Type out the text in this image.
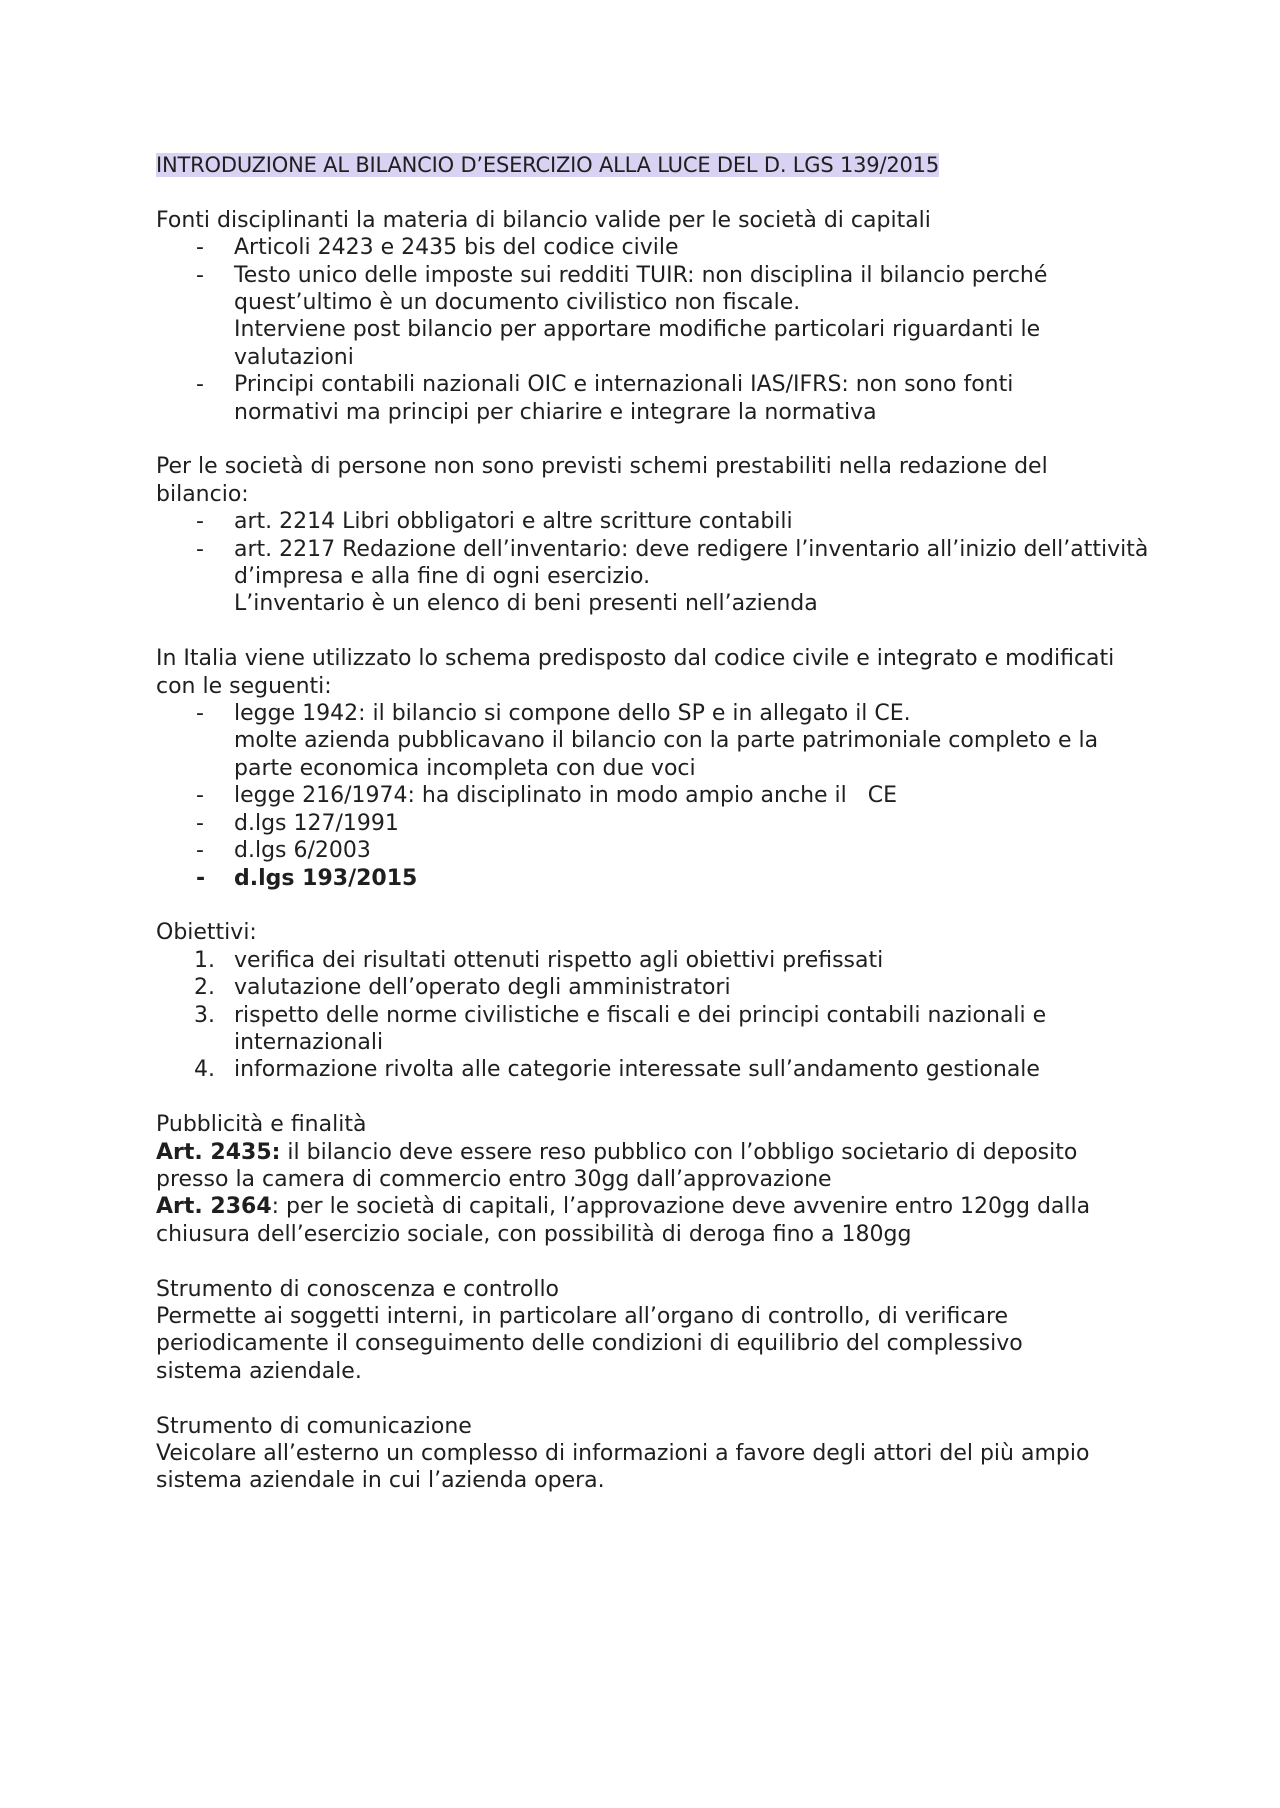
INTRODUZIONE AL BILANCIO D’ESERCIZIO ALLA LUCE DEL D. LGS 139/2015

Fonti disciplinanti la materia di bilancio valide per le società di capitali

- Articoli 2423 e 2435 bis del codice civile
- Testo unico delle imposte sui redditi TUIR: non disciplina il bilancio perché
quest’ultimo è un documento civilistico non fiscale.
Interviene post bilancio per apportare modifiche particolari riguardanti le
valutazioni
- Principi contabili nazionali OIC e internazionali IAS/IFRS: non sono fonti
normativi ma principi per chiarire e integrare la normativa

Per le società di persone non sono previsti schemi prestabiliti nella redazione del

bilancio:

- art. 2214 Libri obbligatori e altre scritture contabili
- art. 2217 Redazione dell’inventario: deve redigere l’inventario all’inizio dell’attività
d’impresa e alla fine di ogni esercizio.
L’inventario è un elenco di beni presenti nell’azienda

In Italia viene utilizzato lo schema predisposto dal codice civile e integrato e modificati

con le seguenti:

- legge 1942: il bilancio si compone dello SP e in allegato il CE.
molte azienda pubblicavano il bilancio con la parte patrimoniale completo e la
parte economica incompleta con due voci
- legge 216/1974: ha disciplinato in modo ampio anche il   CE
- d.lgs 127/1991
- d.lgs 6/2003
- d.lgs 193/2015

Obiettivi:

1. verifica dei risultati ottenuti rispetto agli obiettivi prefissati
2. valutazione dell’operato degli amministratori
3. rispetto delle norme civilistiche e fiscali e dei principi contabili nazionali e
internazionali
4. informazione rivolta alle categorie interessate sull’andamento gestionale

Pubblicità e finalità

Art. 2435: il bilancio deve essere reso pubblico con l’obbligo societario di deposito

presso la camera di commercio entro 30gg dall’approvazione

Art. 2364: per le società di capitali, l’approvazione deve avvenire entro 120gg dalla

chiusura dell’esercizio sociale, con possibilità di deroga fino a 180gg

Strumento di conoscenza e controllo

Permette ai soggetti interni, in particolare all’organo di controllo, di verificare

periodicamente il conseguimento delle condizioni di equilibrio del complessivo

sistema aziendale.

Strumento di comunicazione

Veicolare all’esterno un complesso di informazioni a favore degli attori del più ampio

sistema aziendale in cui l’azienda opera.
